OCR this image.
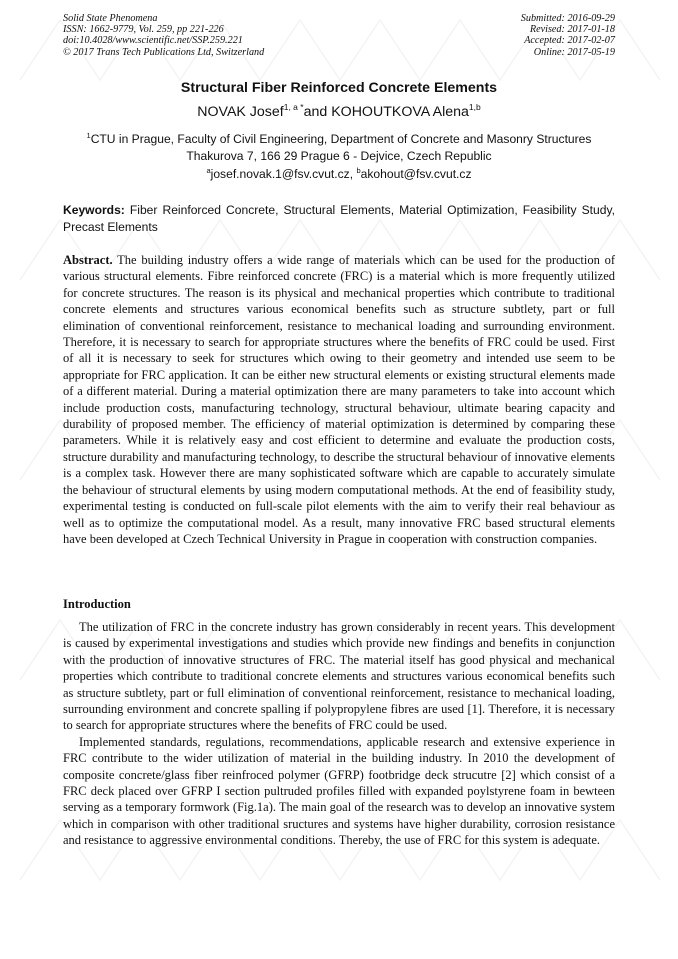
Solid State Phenomena
ISSN: 1662-9779, Vol. 259, pp 221-226
doi:10.4028/www.scientific.net/SSP.259.221
© 2017 Trans Tech Publications Ltd, Switzerland
Submitted: 2016-09-29
Revised: 2017-01-18
Accepted: 2017-02-07
Online: 2017-05-19
Structural Fiber Reinforced Concrete Elements
NOVAK Josef$^{1, a *}$and KOHOUTKOVA Alena$^{1,b}$
$^1$CTU in Prague, Faculty of Civil Engineering, Department of Concrete and Masonry Structures
Thakurova 7, 166 29 Prague 6 - Dejvice, Czech Republic
$^a$josef.novak.1@fsv.cvut.cz, $^b$akohout@fsv.cvut.cz
Keywords: Fiber Reinforced Concrete, Structural Elements, Material Optimization, Feasibility Study, Precast Elements
Abstract. The building industry offers a wide range of materials which can be used for the production of various structural elements. Fibre reinforced concrete (FRC) is a material which is more frequently utilized for concrete structures. The reason is its physical and mechanical properties which contribute to traditional concrete elements and structures various economical benefits such as structure subtlety, part or full elimination of conventional reinforcement, resistance to mechanical loading and surrounding environment. Therefore, it is necessary to search for appropriate structures where the benefits of FRC could be used. First of all it is necessary to seek for structures which owing to their geometry and intended use seem to be appropriate for FRC application. It can be either new structural elements or existing structural elements made of a different material. During a material optimization there are many parameters to take into account which include production costs, manufacturing technology, structural behaviour, ultimate bearing capacity and durability of proposed member. The efficiency of material optimization is determined by comparing these parameters. While it is relatively easy and cost efficient to determine and evaluate the production costs, structure durability and manufacturing technology, to describe the structural behaviour of innovative elements is a complex task. However there are many sophisticated software which are capable to accurately simulate the behaviour of structural elements by using modern computational methods. At the end of feasibility study, experimental testing is conducted on full-scale pilot elements with the aim to verify their real behaviour as well as to optimize the computational model. As a result, many innovative FRC based structural elements have been developed at Czech Technical University in Prague in cooperation with construction companies.
Introduction

The utilization of FRC in the concrete industry has grown considerably in recent years. This development is caused by experimental investigations and studies which provide new findings and benefits in conjunction with the production of innovative structures of FRC. The material itself has good physical and mechanical properties which contribute to traditional concrete elements and structures various economical benefits such as structure subtlety, part or full elimination of conventional reinforcement, resistance to mechanical loading, surrounding environment and concrete spalling if polypropylene fibres are used [1]. Therefore, it is necessary to search for appropriate structures where the benefits of FRC could be used.

Implemented standards, regulations, recommendations, applicable research and extensive experience in FRC contribute to the wider utilization of material in the building industry. In 2010 the development of composite concrete/glass fiber reinfroced polymer (GFRP) footbridge deck strucutre [2] which consist of a FRC deck placed over GFRP I section pultruded profiles filled with expanded poylstyrene foam in bewteen serving as a temporary formwork (Fig.1a). The main goal of the research was to develop an innovative system which in comparison with other traditional sructures and systems have higher durability, corrosion resistance and resistance to aggressive environmental conditions. Thereby, the use of FRC for this system is adequate.
